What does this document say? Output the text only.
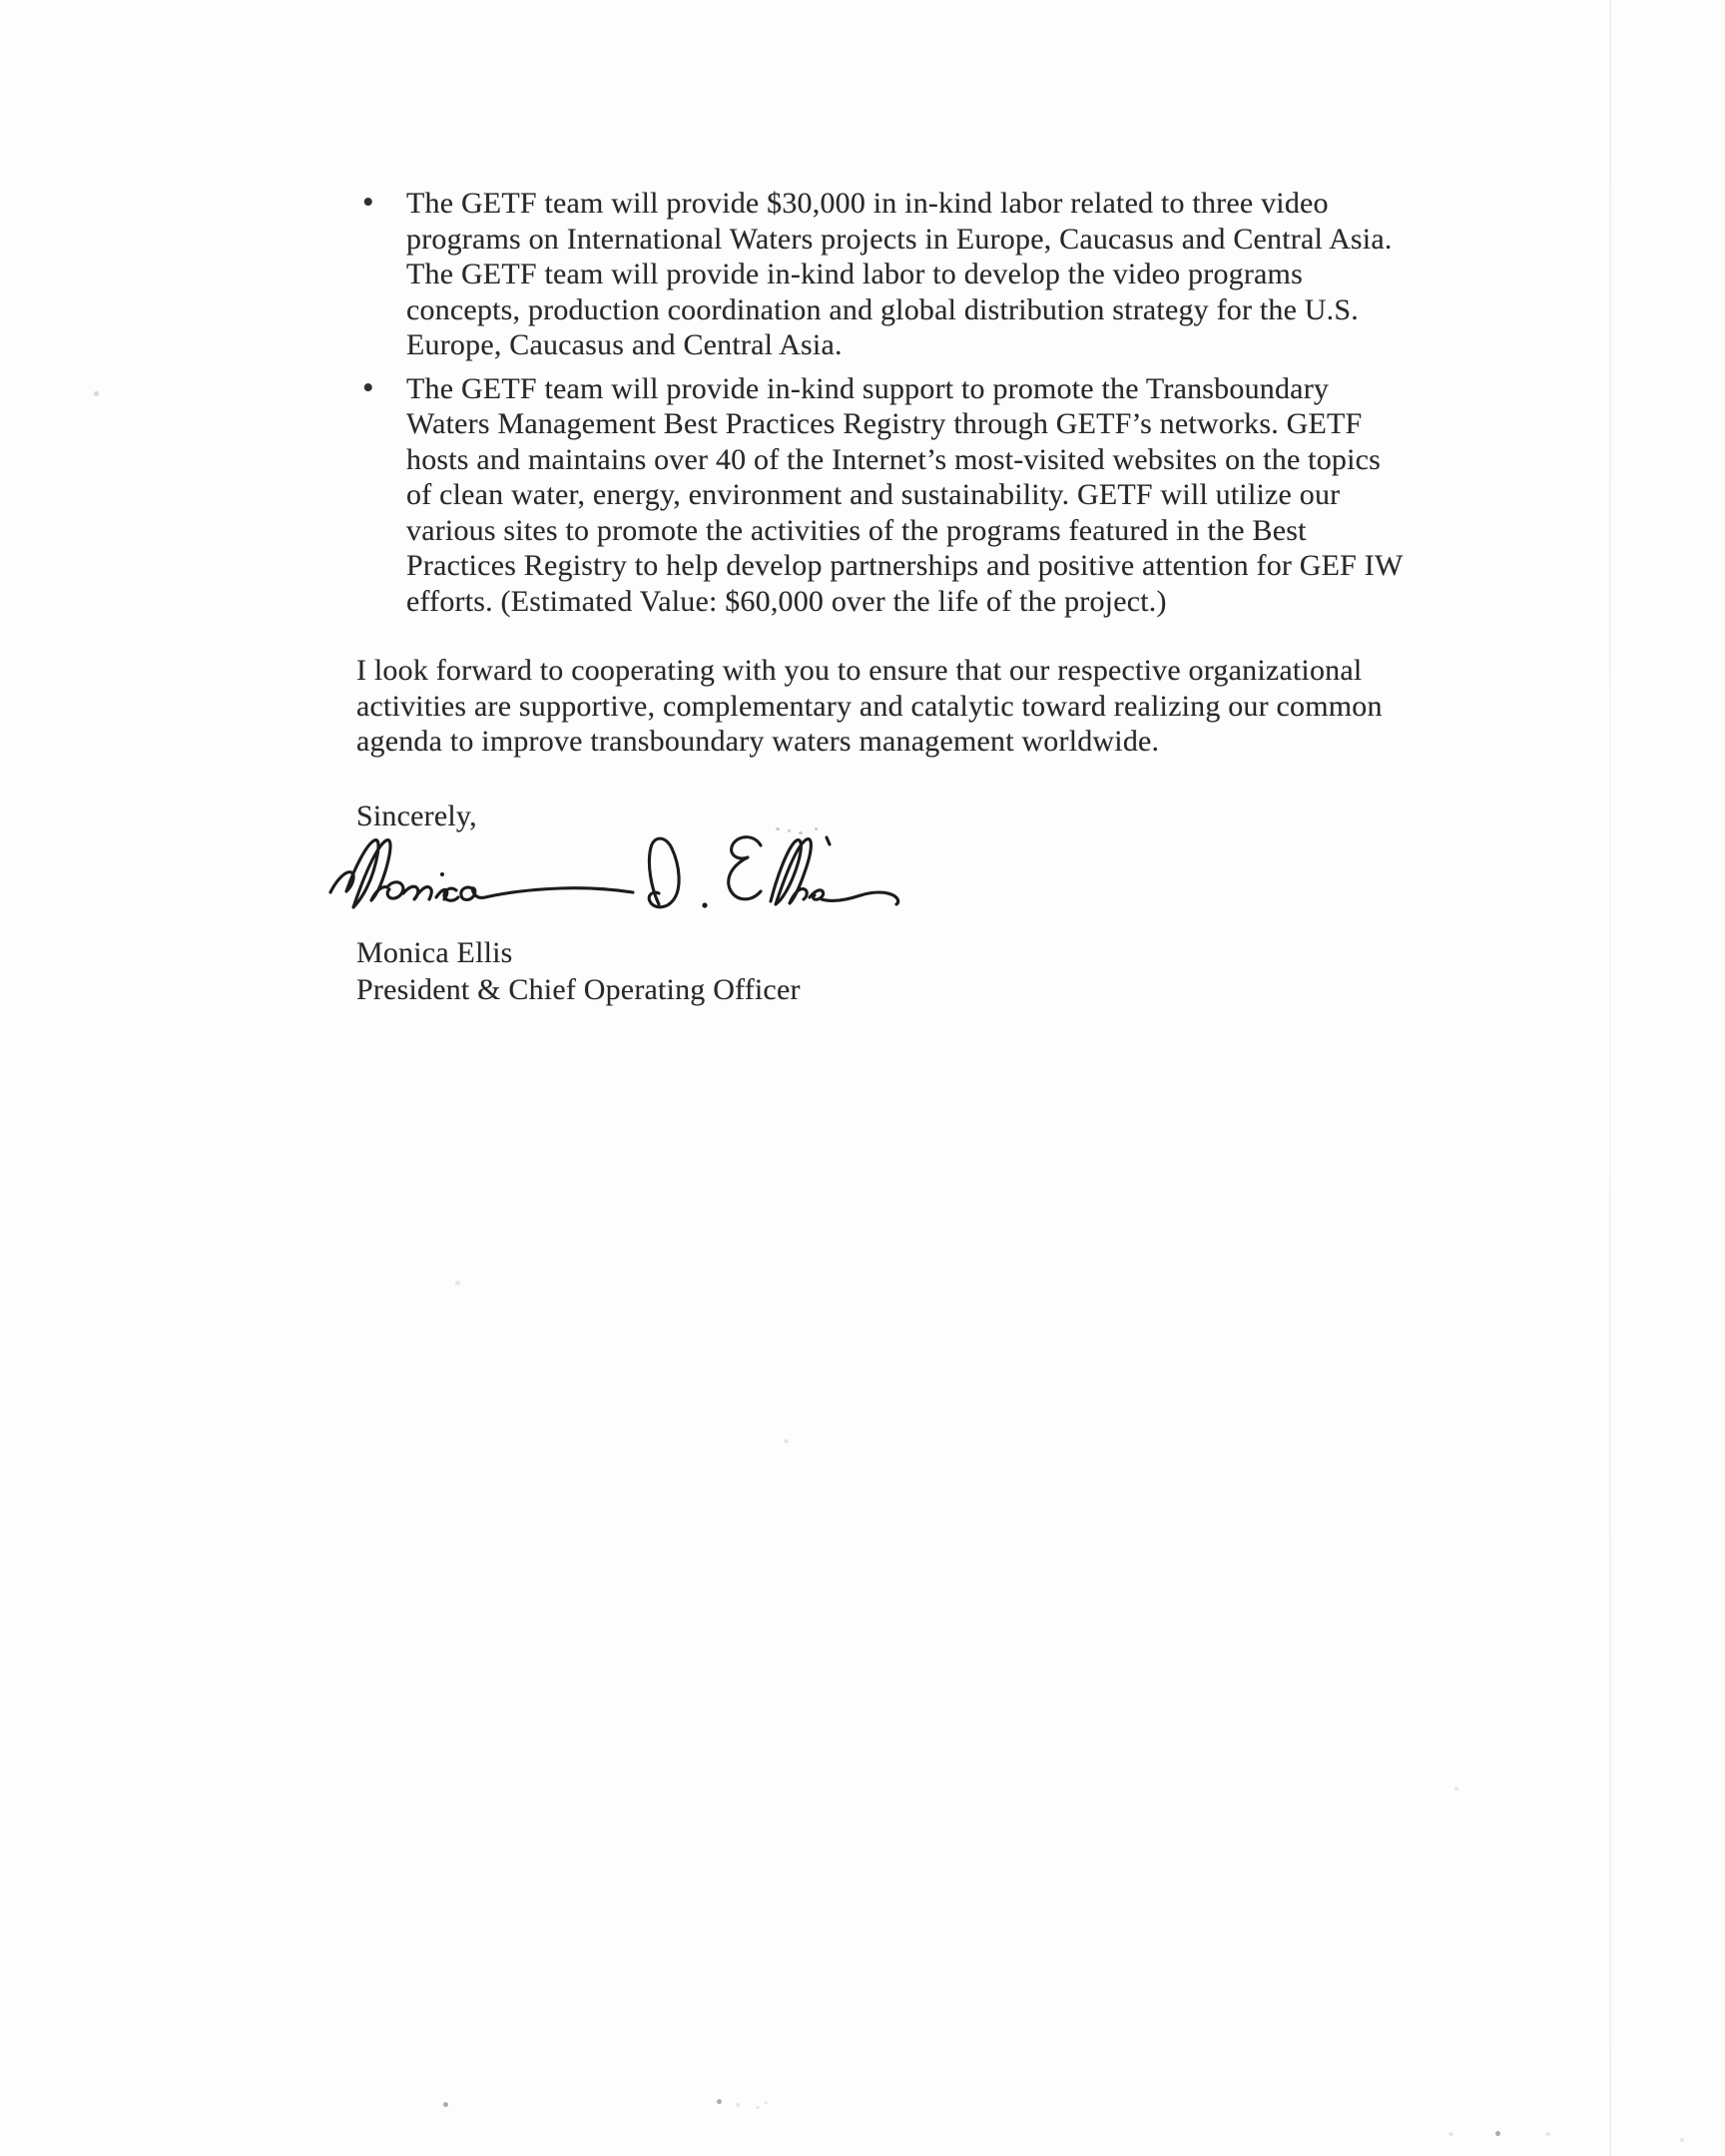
•	The GETF team will provide $30,000 in in-kind labor related to three video
programs on International Waters projects in Europe, Caucasus and Central Asia.
The GETF team will provide in-kind labor to develop the video programs
concepts, production coordination and global distribution strategy for the U.S.
Europe, Caucasus and Central Asia.
•	The GETF team will provide in-kind support to promote the Transboundary
Waters Management Best Practices Registry through GETF’s networks. GETF
hosts and maintains over 40 of the Internet’s most-visited websites on the topics
of clean water, energy, environment and sustainability. GETF will utilize our
various sites to promote the activities of the programs featured in the Best
Practices Registry to help develop partnerships and positive attention for GEF IW
efforts. (Estimated Value: $60,000 over the life of the project.)
I look forward to cooperating with you to ensure that our respective organizational
activities are supportive, complementary and catalytic toward realizing our common
agenda to improve transboundary waters management worldwide.
Sincerely,
Monica Ellis
President & Chief Operating Officer
